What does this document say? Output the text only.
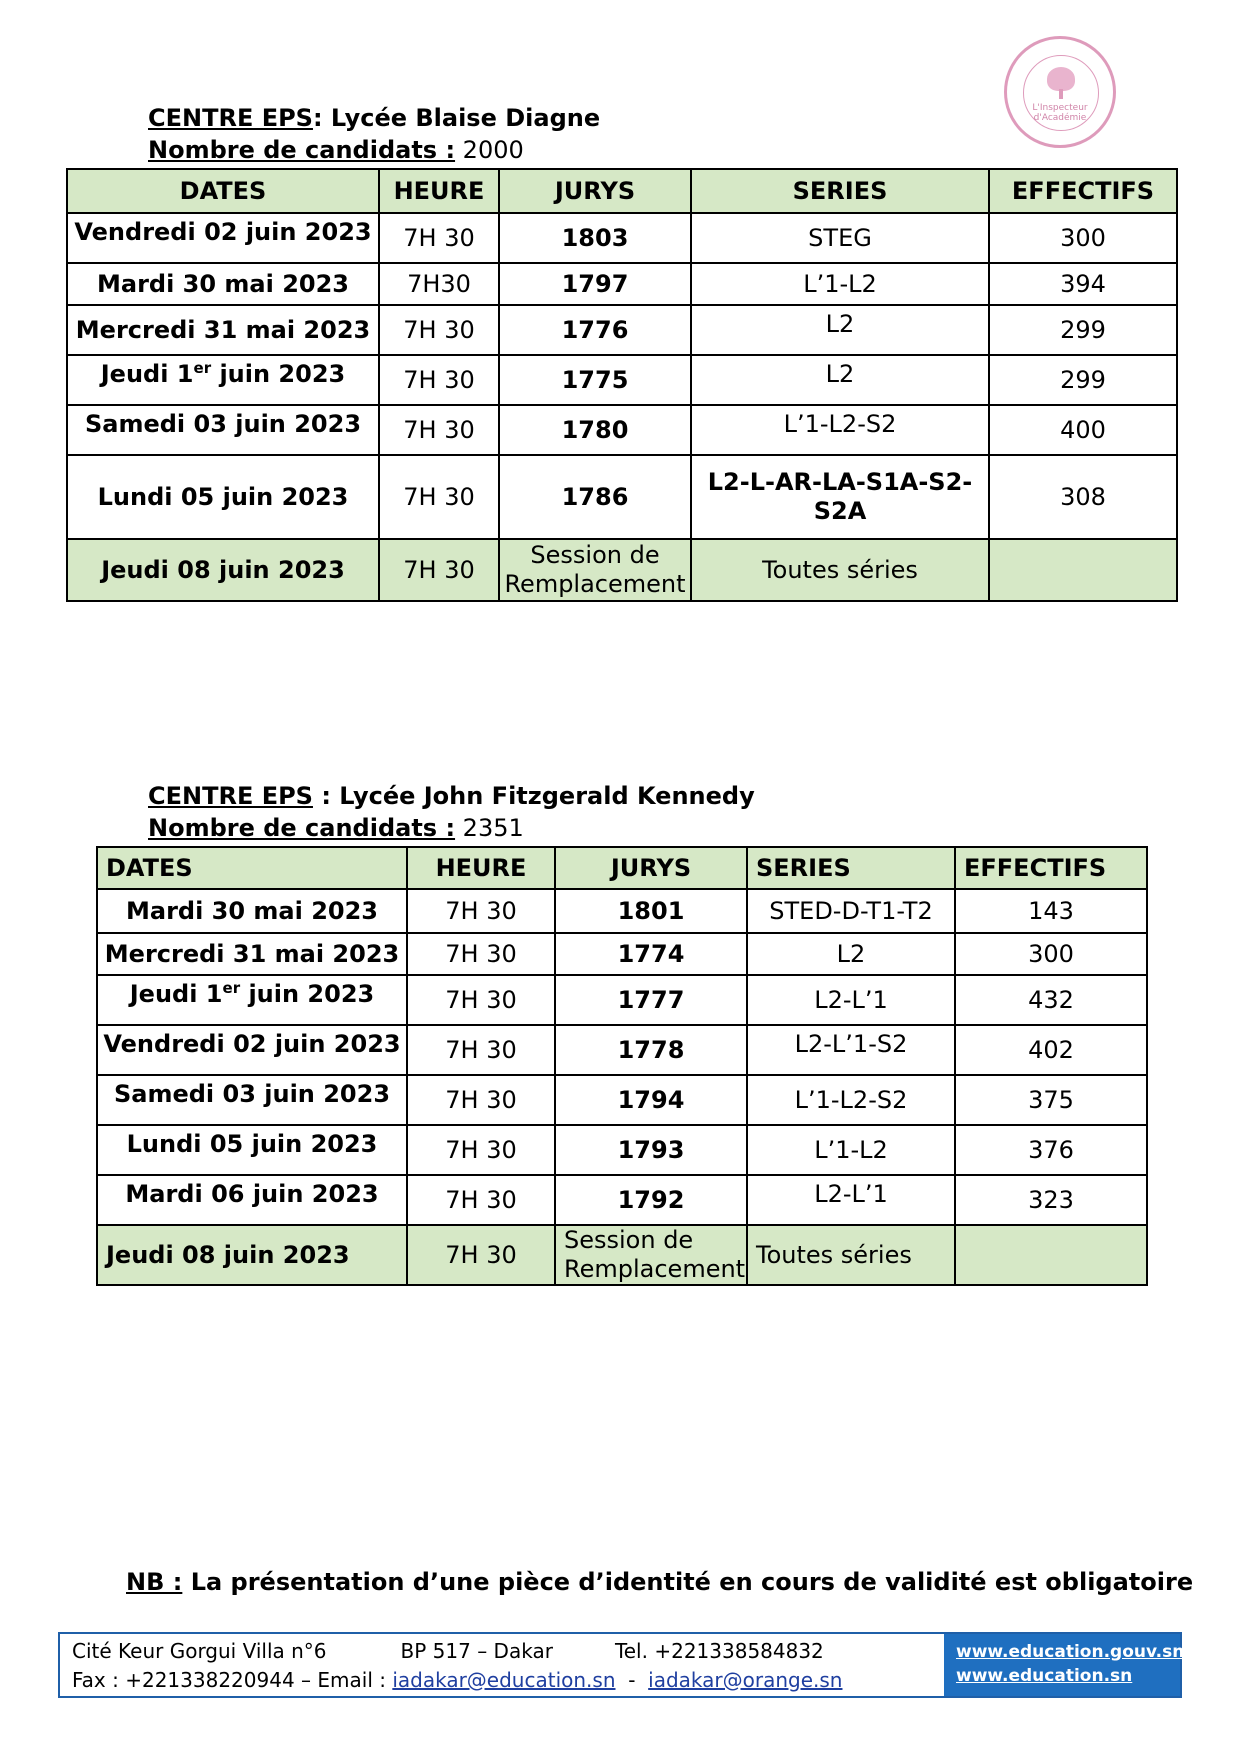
L'Inspecteur
d'Académie
CENTRE EPS: Lycée Blaise Diagne
Nombre de candidats : 2000
DATES	HEURE	JURYS	SERIES	EFFECTIFS
Vendredi 02 juin 2023	7H 30	1803	STEG	300
Mardi 30 mai 2023	7H30	1797	L’1-L2	394
Mercredi 31 mai 2023	7H 30	1776	L2	299
Jeudi 1er juin 2023	7H 30	1775	L2	299
Samedi 03 juin 2023	7H 30	1780	L’1-L2-S2	400
Lundi 05 juin 2023	7H 30	1786	L2-L-AR-LA-S1A-S2-S2A	308
Jeudi 08 juin 2023	7H 30	Session de Remplacement	Toutes séries	
CENTRE EPS : Lycée John Fitzgerald Kennedy
Nombre de candidats : 2351
DATES	HEURE	JURYS	SERIES	EFFECTIFS
Mardi 30 mai 2023	7H 30	1801	STED-D-T1-T2	143
Mercredi 31 mai 2023	7H 30	1774	L2	300
Jeudi 1er juin 2023	7H 30	1777	L2-L’1	432
Vendredi 02 juin 2023	7H 30	1778	L2-L’1-S2	402
Samedi 03 juin 2023	7H 30	1794	L’1-L2-S2	375
Lundi 05 juin 2023	7H 30	1793	L’1-L2	376
Mardi 06 juin 2023	7H 30	1792	L2-L’1	323
Jeudi 08 juin 2023	7H 30	Session de Remplacement	Toutes séries	
NB : La présentation d’une pièce d’identité en cours de validité est obligatoire
Cité Keur Gorgui Villa n°6	BP 517 – Dakar	Tel. +221338584832
Fax : +221338220944 – Email : iadakar@education.sn  -  iadakar@orange.sn
www.education.gouv.sn
www.education.sn
